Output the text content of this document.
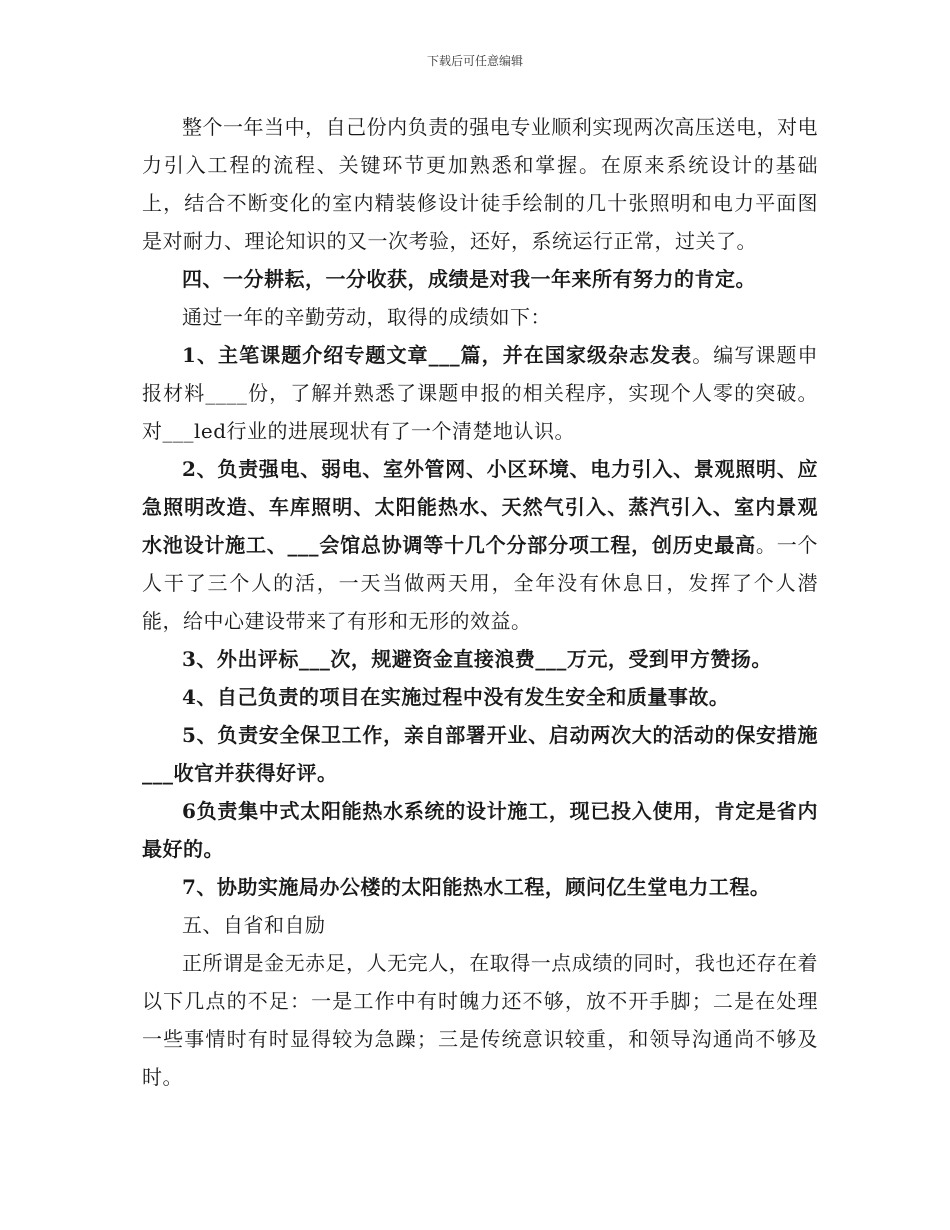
下载后可任意编辑

整个一年当中，自己份内负责的强电专业顺利实现两次高压送电，对电力引入工程的流程、关键环节更加熟悉和掌握。在原来系统设计的基础上，结合不断变化的室内精装修设计徒手绘制的几十张照明和电力平面图是对耐力、理论知识的又一次考验，还好，系统运行正常，过关了。

四、一分耕耘，一分收获，成绩是对我一年来所有努力的肯定。

通过一年的辛勤劳动，取得的成绩如下：

1、主笔课题介绍专题文章___篇，并在国家级杂志发表。编写课题申报材料____份，了解并熟悉了课题申报的相关程序，实现个人零的突破。对___led行业的进展现状有了一个清楚地认识。

2、负责强电、弱电、室外管网、小区环境、电力引入、景观照明、应急照明改造、车库照明、太阳能热水、天然气引入、蒸汽引入、室内景观水池设计施工、___会馆总协调等十几个分部分项工程，创历史最高。一个人干了三个人的活，一天当做两天用，全年没有休息日，发挥了个人潜能，给中心建设带来了有形和无形的效益。

3、外出评标___次，规避资金直接浪费___万元，受到甲方赞扬。

4、自己负责的项目在实施过程中没有发生安全和质量事故。

5、负责安全保卫工作，亲自部署开业、启动两次大的活动的保安措施___收官并获得好评。

6负责集中式太阳能热水系统的设计施工，现已投入使用，肯定是省内最好的。

7、协助实施局办公楼的太阳能热水工程，顾问亿生堂电力工程。

五、自省和自励

正所谓是金无赤足，人无完人，在取得一点成绩的同时，我也还存在着以下几点的不足：一是工作中有时魄力还不够，放不开手脚；二是在处理一些事情时有时显得较为急躁；三是传统意识较重，和领导沟通尚不够及时。
